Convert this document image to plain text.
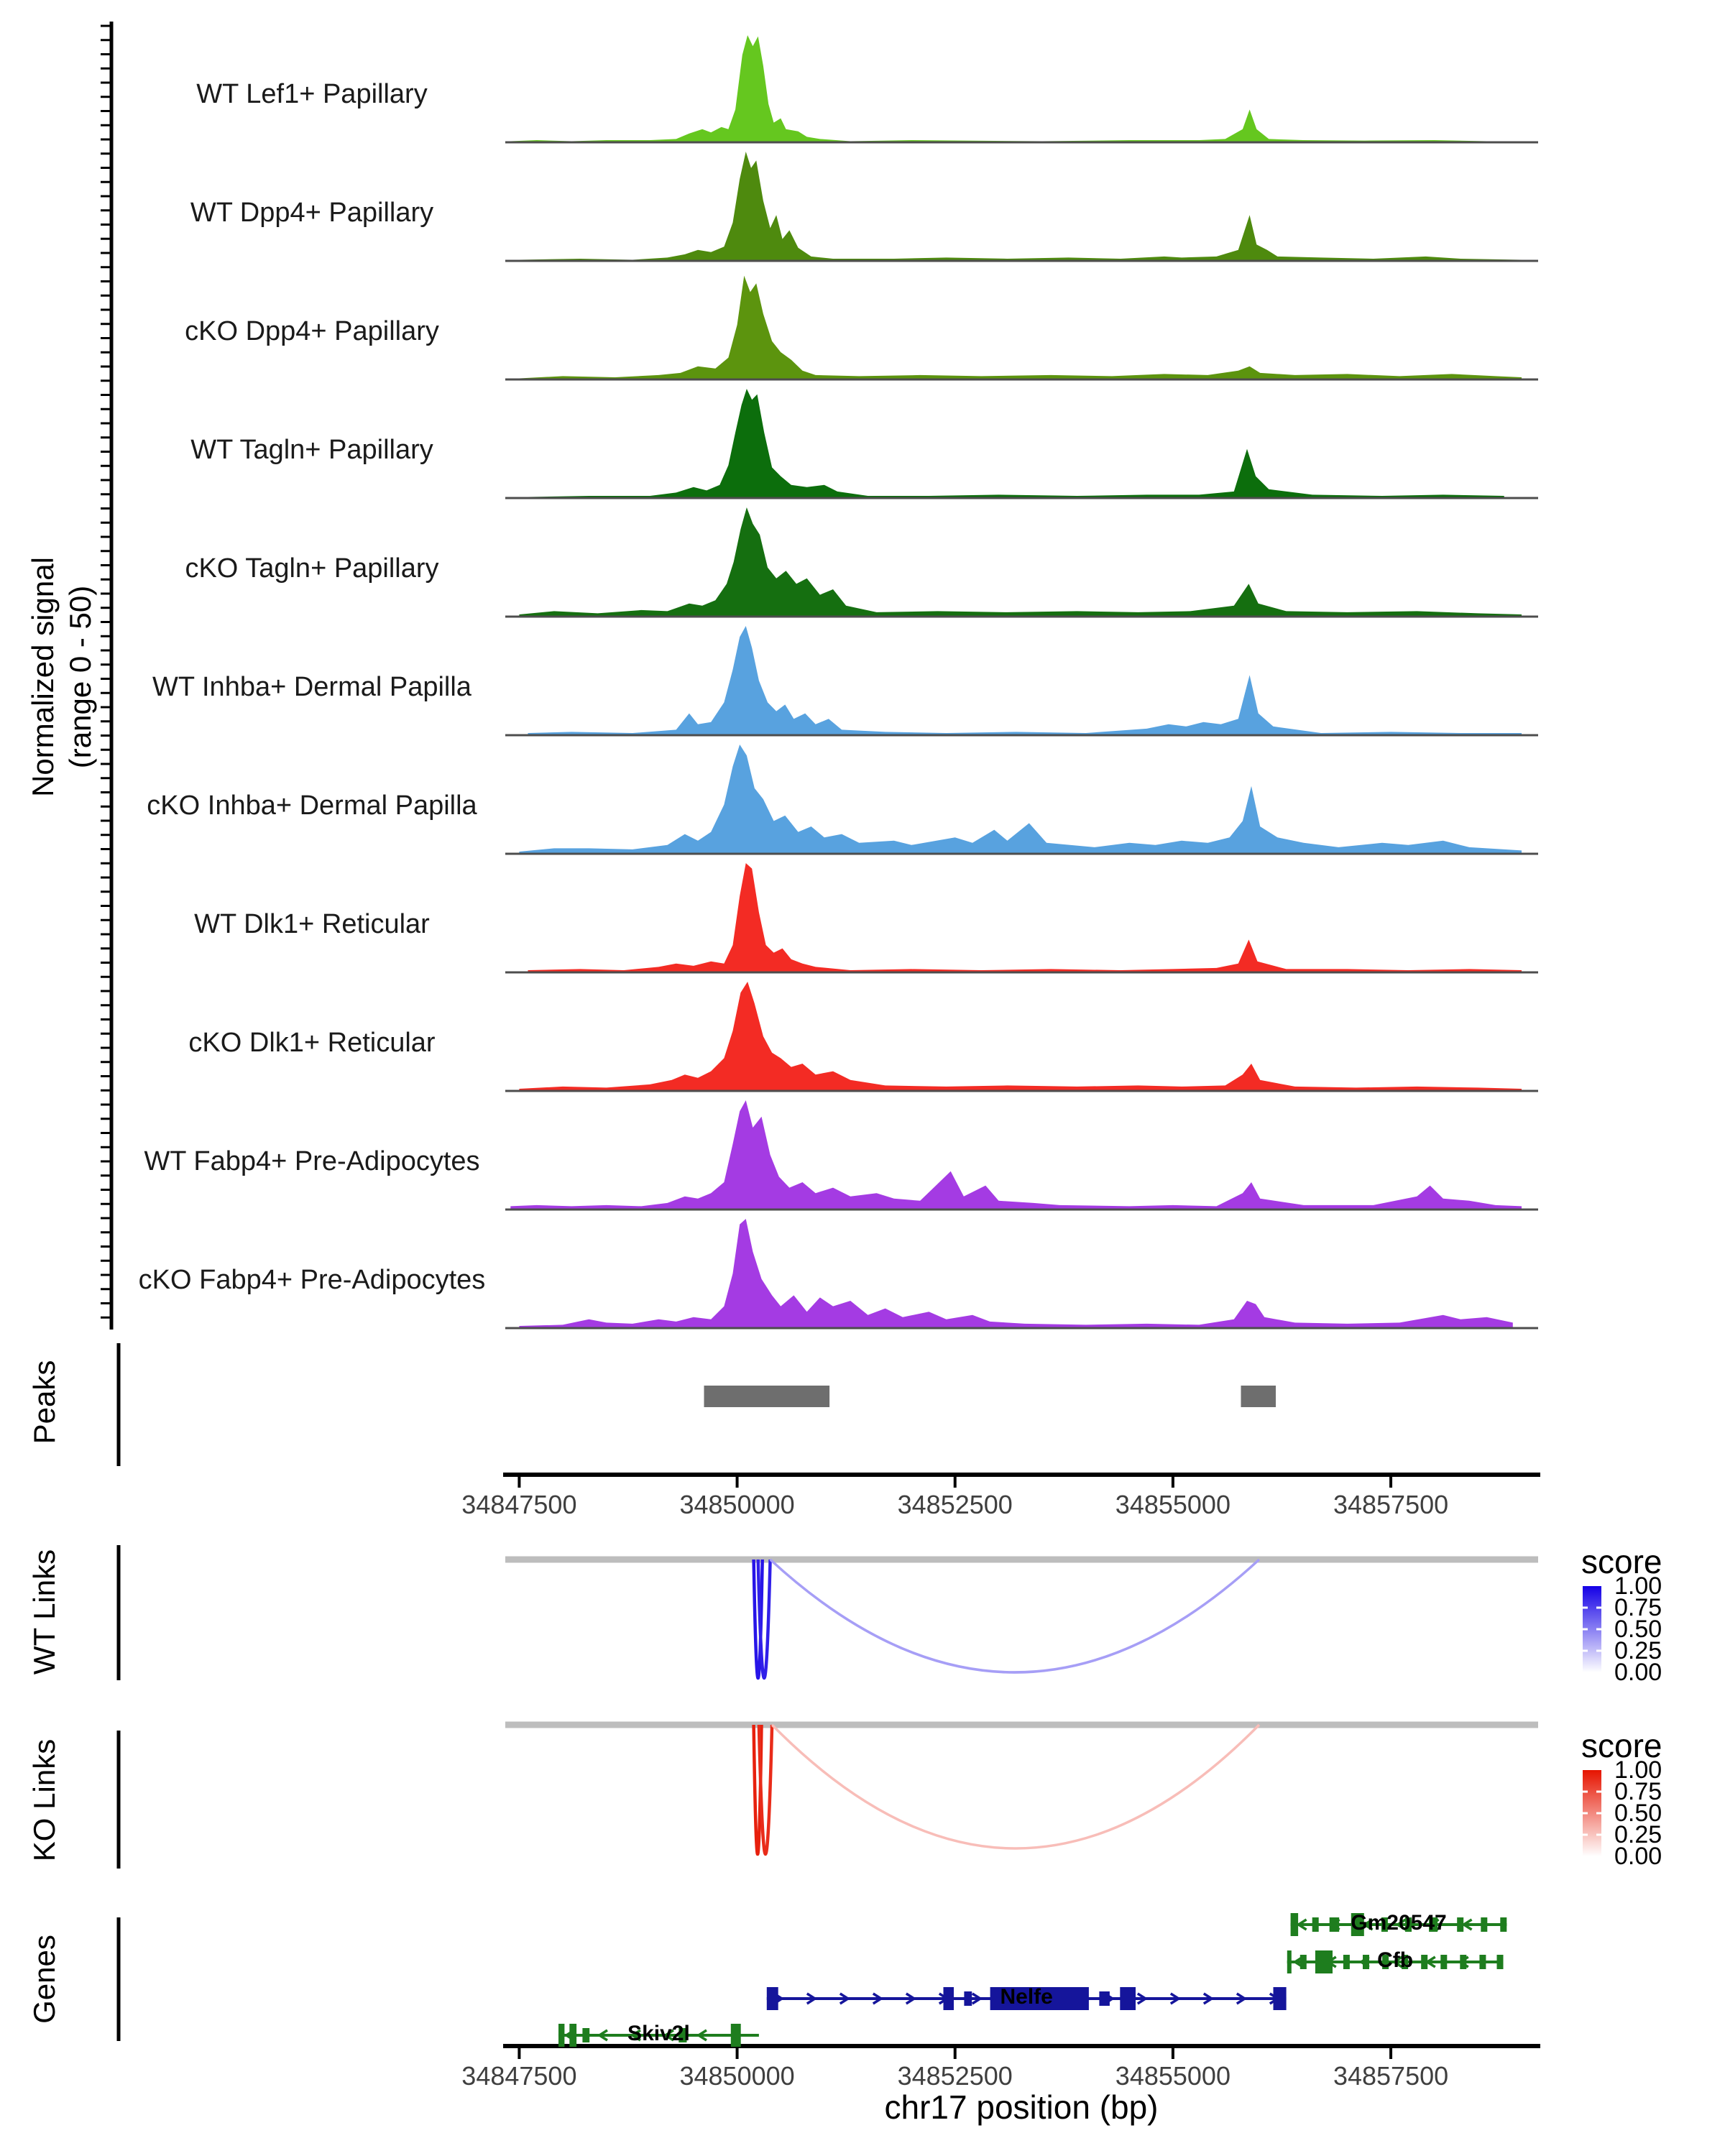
Normalized signal (range 0 - 50)
Peaks
WT Links
KO Links
Genes
score
score
chr17 position (bp)
WT Lef1+ Papillary
WT Dpp4+ Papillary
cKO Dpp4+ Papillary
WT Tagln+ Papillary
cKO Tagln+ Papillary
WT Inhba+ Dermal Papilla
cKO Inhba+ Dermal Papilla
WT Dlk1+ Reticular
cKO Dlk1+ Reticular
WT Fabp4+ Pre-Adipocytes
cKO Fabp4+ Pre-Adipocytes
34847500	34850000	34852500	34855000	34857500
34847500	34850000	34852500	34855000	34857500
1.00
0.75
0.50
0.25
0.00
1.00
0.75
0.50
0.25
0.00
Gm20547
Cfb
Nelfe
Skiv2l
